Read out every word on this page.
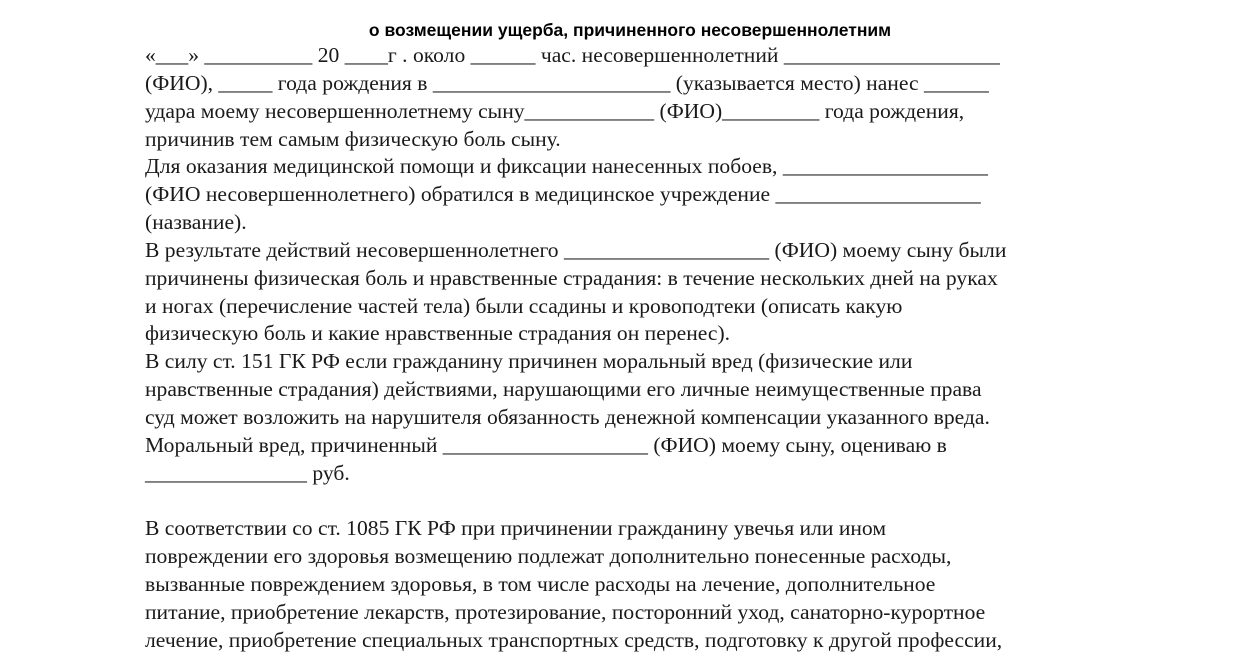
о возмещении ущерба, причиненного несовершеннолетним
«___» __________ 20 ____г . около ______ час. несовершеннолетний ____________________
(ФИО), _____ года рождения в ______________________ (указывается место) нанес ______
удара моему несовершеннолетнему сыну____________ (ФИО)_________ года рождения,
причинив тем самым физическую боль сыну.
Для оказания медицинской помощи и фиксации нанесенных побоев, ___________________
(ФИО несовершеннолетнего) обратился в медицинское учреждение ___________________
(название).
В результате действий несовершеннолетнего ___________________ (ФИО) моему сыну были
причинены физическая боль и нравственные страдания: в течение нескольких дней на руках
и ногах (перечисление частей тела) были ссадины и кровоподтеки (описать какую
физическую боль и какие нравственные страдания он перенес).
В силу ст. 151 ГК РФ если гражданину причинен моральный вред (физические или
нравственные страдания) действиями, нарушающими его личные неимущественные права
суд может возложить на нарушителя обязанность денежной компенсации указанного вреда.
Моральный вред, причиненный ___________________ (ФИО) моему сыну, оцениваю в
_______________ руб.
В соответствии со ст. 1085 ГК РФ при причинении гражданину увечья или ином
повреждении его здоровья возмещению подлежат дополнительно понесенные расходы,
вызванные повреждением здоровья, в том числе расходы на лечение, дополнительное
питание, приобретение лекарств, протезирование, посторонний уход, санаторно-курортное
лечение, приобретение специальных транспортных средств, подготовку к другой профессии,
